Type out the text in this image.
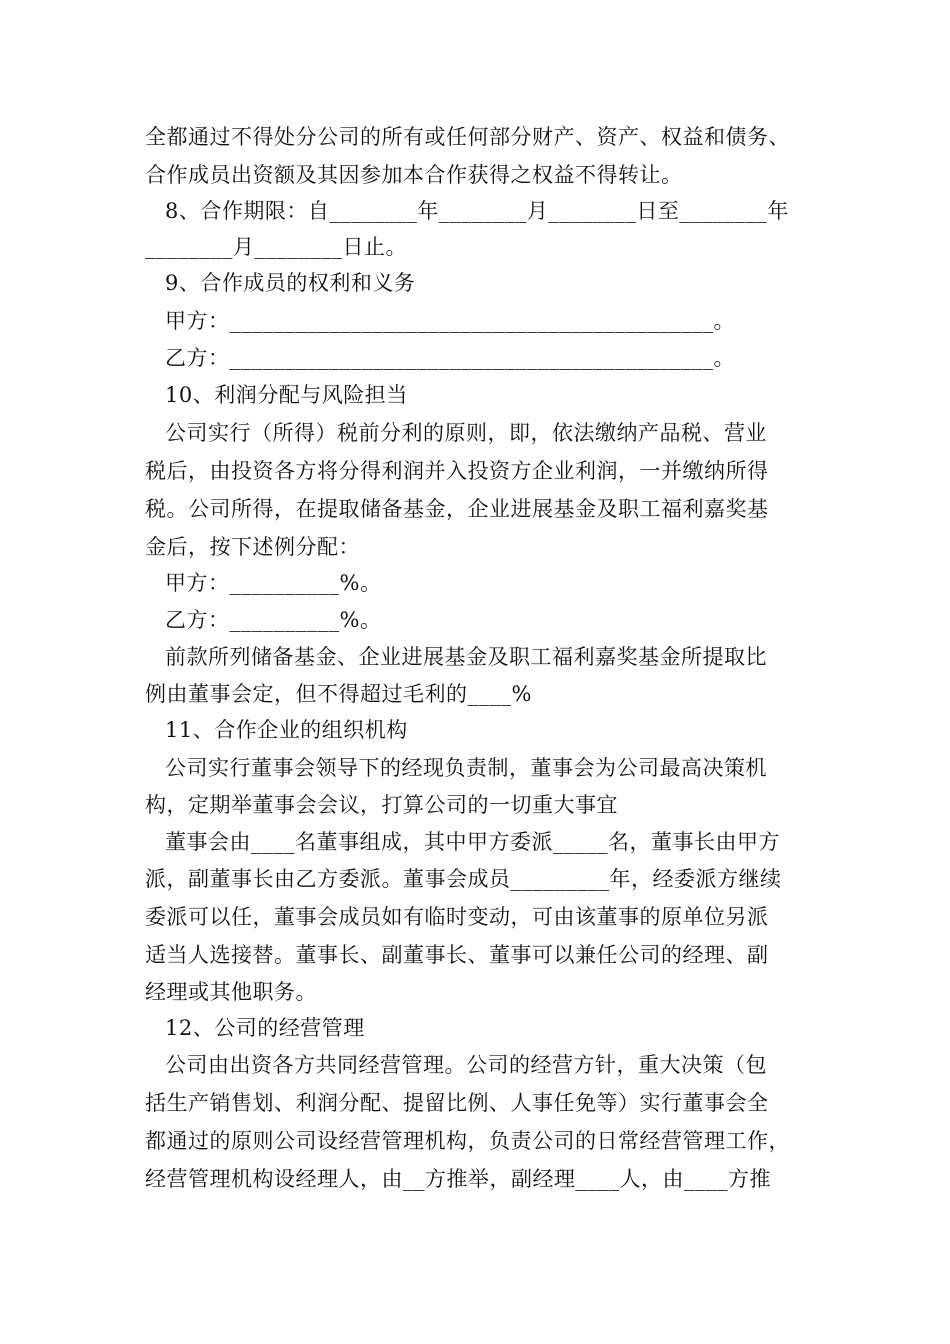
全都通过不得处分公司的所有或任何部分财产、资产、权益和债务、
合作成员出资额及其因参加本合作获得之权益不得转让。
8、合作期限：自________年________月________日至________年
________月________日止。
9、合作成员的权利和义务
甲方：____________________________________________。
乙方：____________________________________________。
10、利润分配与风险担当
公司实行（所得）税前分利的原则，即，依法缴纳产品税、营业
税后，由投资各方将分得利润并入投资方企业利润，一并缴纳所得
税。公司所得，在提取储备基金，企业进展基金及职工福利嘉奖基
金后，按下述例分配：
甲方：__________%。
乙方：__________%。
前款所列储备基金、企业进展基金及职工福利嘉奖基金所提取比
例由董事会定，但不得超过毛利的____%
11、合作企业的组织机构
公司实行董事会领导下的经现负责制，董事会为公司最高决策机
构，定期举董事会会议，打算公司的一切重大事宜
董事会由____名董事组成，其中甲方委派_____名，董事长由甲方
派，副董事长由乙方委派。董事会成员_________年，经委派方继续
委派可以任，董事会成员如有临时变动，可由该董事的原单位另派
适当人选接替。董事长、副董事长、董事可以兼任公司的经理、副
经理或其他职务。
12、公司的经营管理
公司由出资各方共同经营管理。公司的经营方针，重大决策（包
括生产销售划、利润分配、提留比例、人事任免等）实行董事会全
都通过的原则公司设经营管理机构，负责公司的日常经营管理工作，
经营管理机构设经理人，由__方推举，副经理____人，由____方推
